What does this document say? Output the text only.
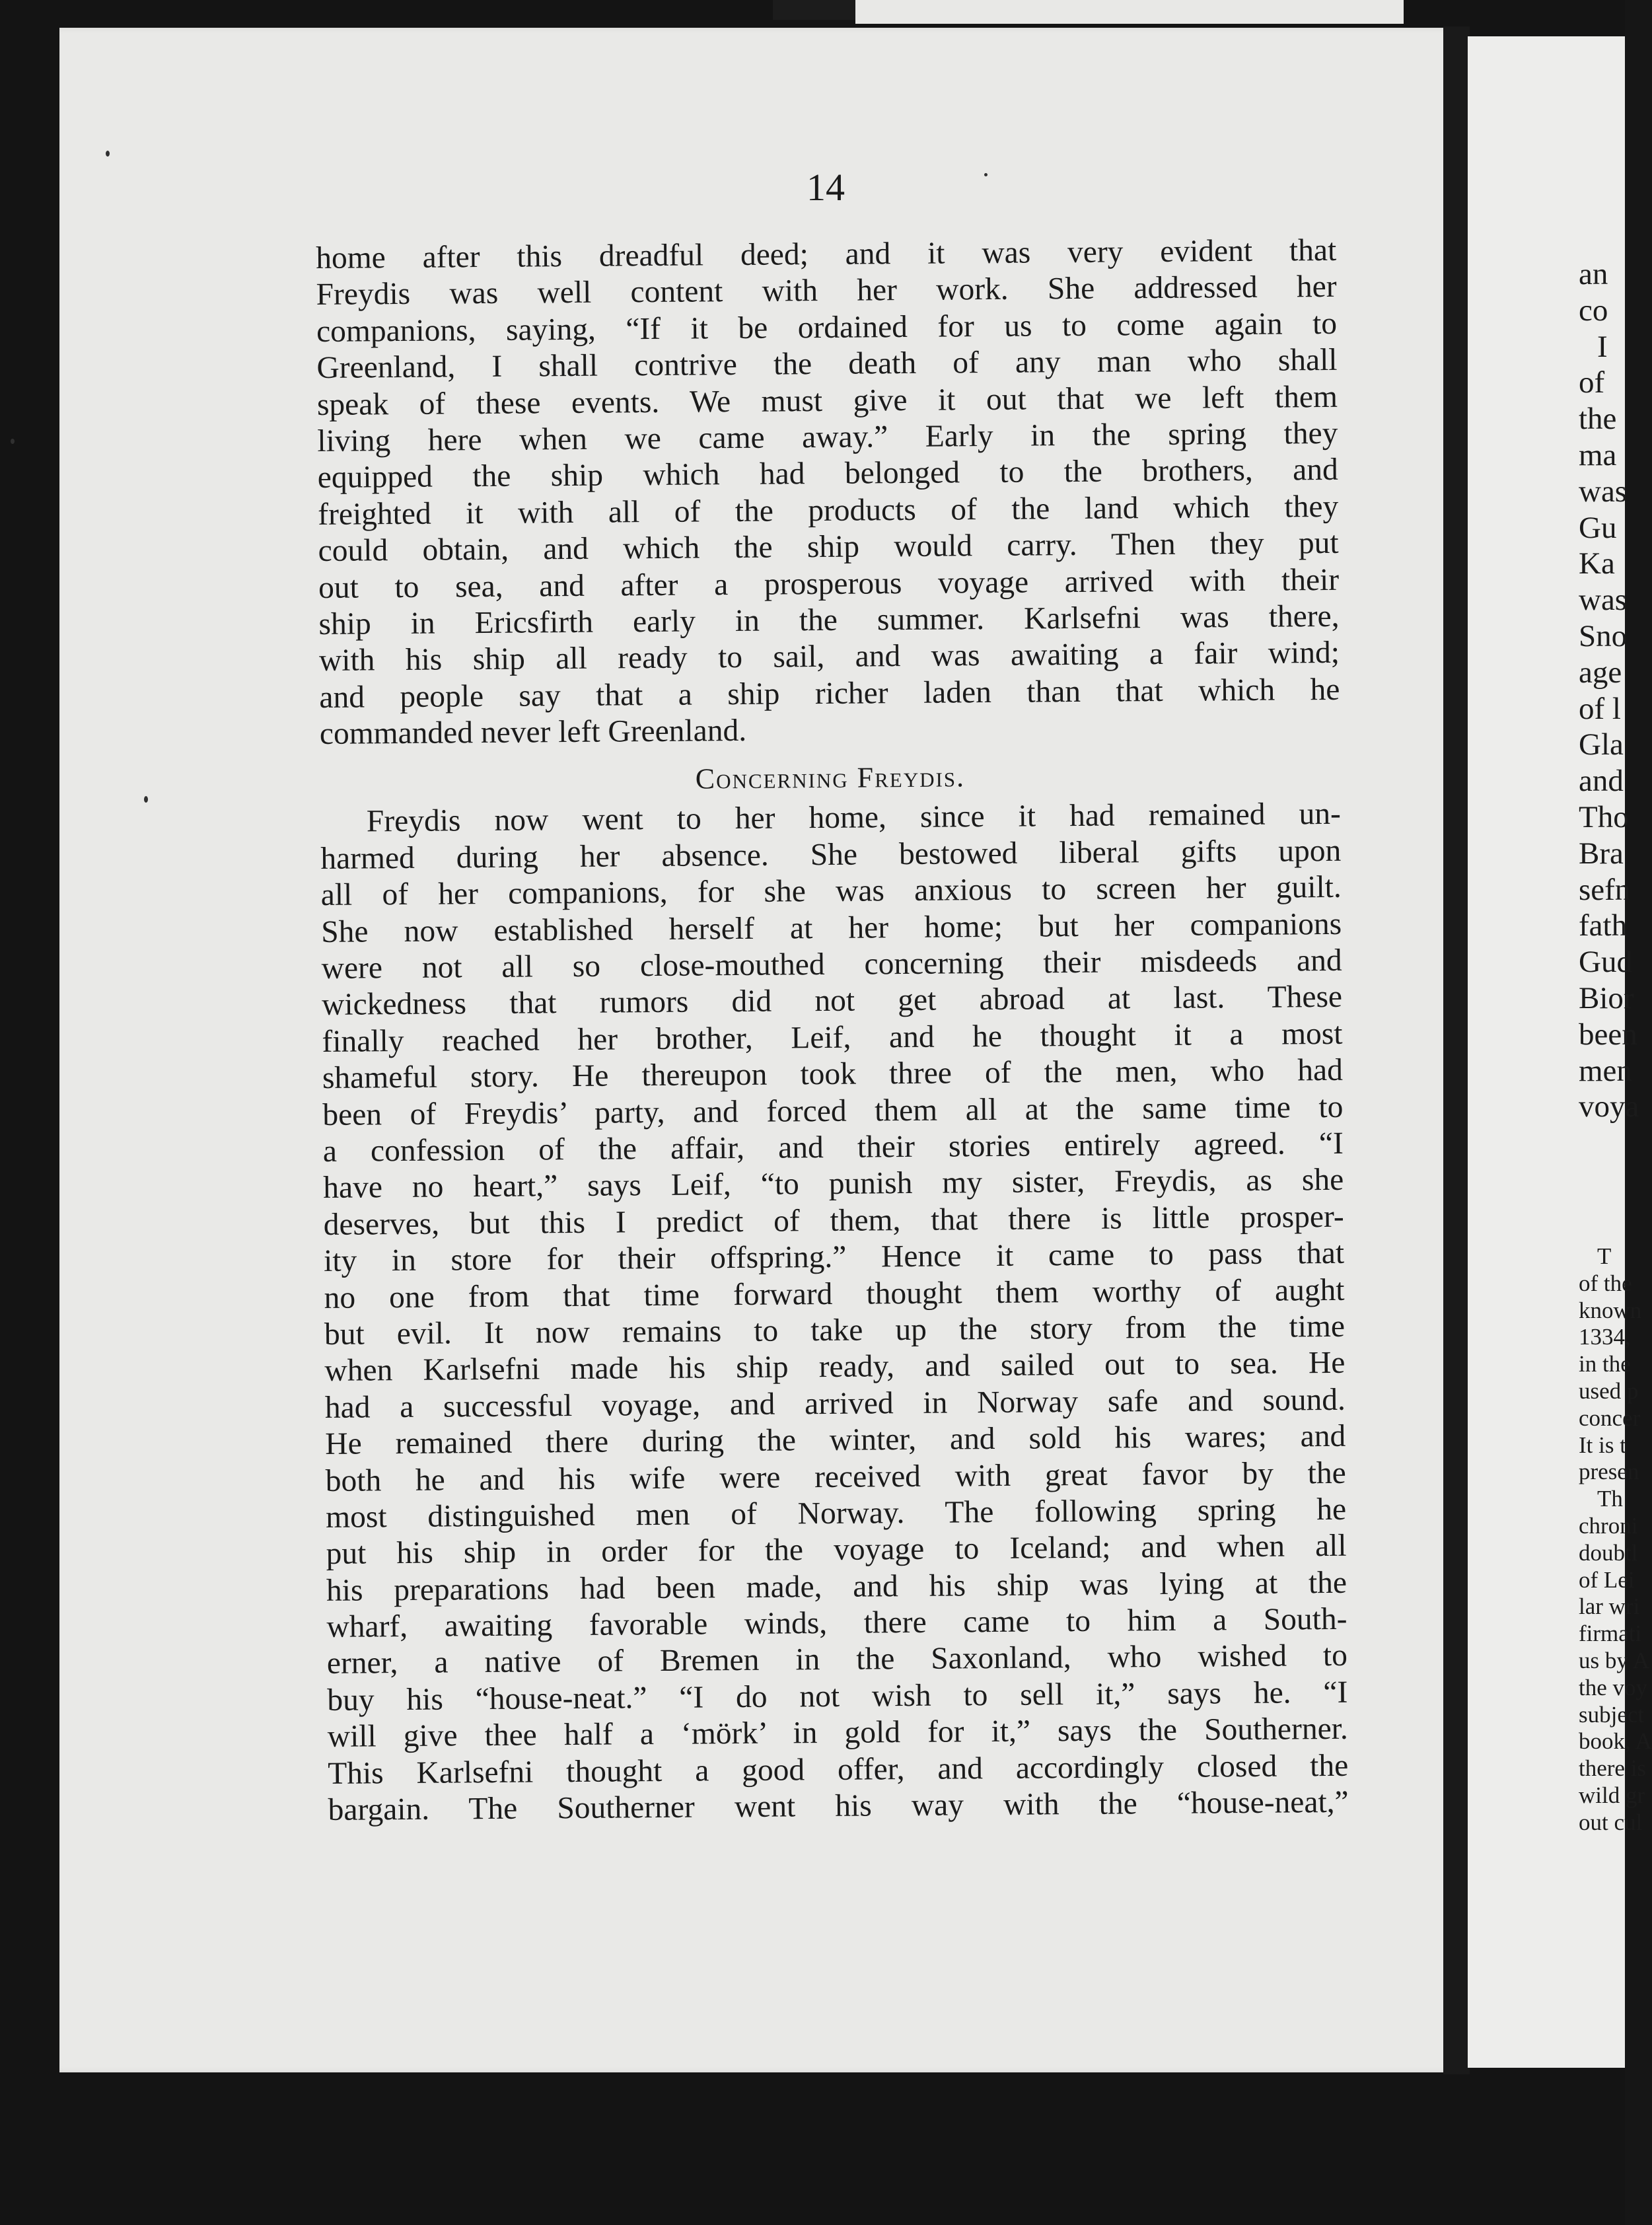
14
home after this dreadful deed; and it was very evident that
Freydis was well content with her work. She addressed her
companions, saying, “If it be ordained for us to come again to
Greenland, I shall contrive the death of any man who shall
speak of these events. We must give it out that we left them
living here when we came away.” Early in the spring they
equipped the ship which had belonged to the brothers, and
freighted it with all of the products of the land which they
could obtain, and which the ship would carry. Then they put
out to sea, and after a prosperous voyage arrived with their
ship in Ericsfirth early in the summer. Karlsefni was there,
with his ship all ready to sail, and was awaiting a fair wind;
and people say that a ship richer laden than that which he
commanded never left Greenland.
Concerning Freydis.
Freydis now went to her home, since it had remained un-
harmed during her absence. She bestowed liberal gifts upon
all of her companions, for she was anxious to screen her guilt.
She now established herself at her home; but her companions
were not all so close-mouthed concerning their misdeeds and
wickedness that rumors did not get abroad at last. These
finally reached her brother, Leif, and he thought it a most
shameful story. He thereupon took three of the men, who had
been of Freydis’ party, and forced them all at the same time to
a confession of the affair, and their stories entirely agreed. “I
have no heart,” says Leif, “to punish my sister, Freydis, as she
deserves, but this I predict of them, that there is little prosper-
ity in store for their offspring.” Hence it came to pass that
no one from that time forward thought them worthy of aught
but evil. It now remains to take up the story from the time
when Karlsefni made his ship ready, and sailed out to sea. He
had a successful voyage, and arrived in Norway safe and sound.
He remained there during the winter, and sold his wares; and
both he and his wife were received with great favor by the
most distinguished men of Norway. The following spring he
put his ship in order for the voyage to Iceland; and when all
his preparations had been made, and his ship was lying at the
wharf, awaiting favorable winds, there came to him a South-
erner, a native of Bremen in the Saxonland, who wished to
buy his “house-neat.” “I do not wish to sell it,” says he. “I
will give thee half a ‘mörk’ in gold for it,” says the Southerner.
This Karlsefni thought a good offer, and accordingly closed the
bargain. The Southerner went his way with the “house-neat,”
an
co
I
of
the
ma
was
Gu
Ka
was
Sno
age
of l
Gla
and
Tho
Bra
sefn
fath
Gud
Bior
been
men
voya
T
of the
known
1334,
in the
used p
concer
It is t
presen
Th
chroni
doubtl
of Lei
lar wri
firmati
us by A
the voy
subject
book, A
there is
wild gr
out cul
